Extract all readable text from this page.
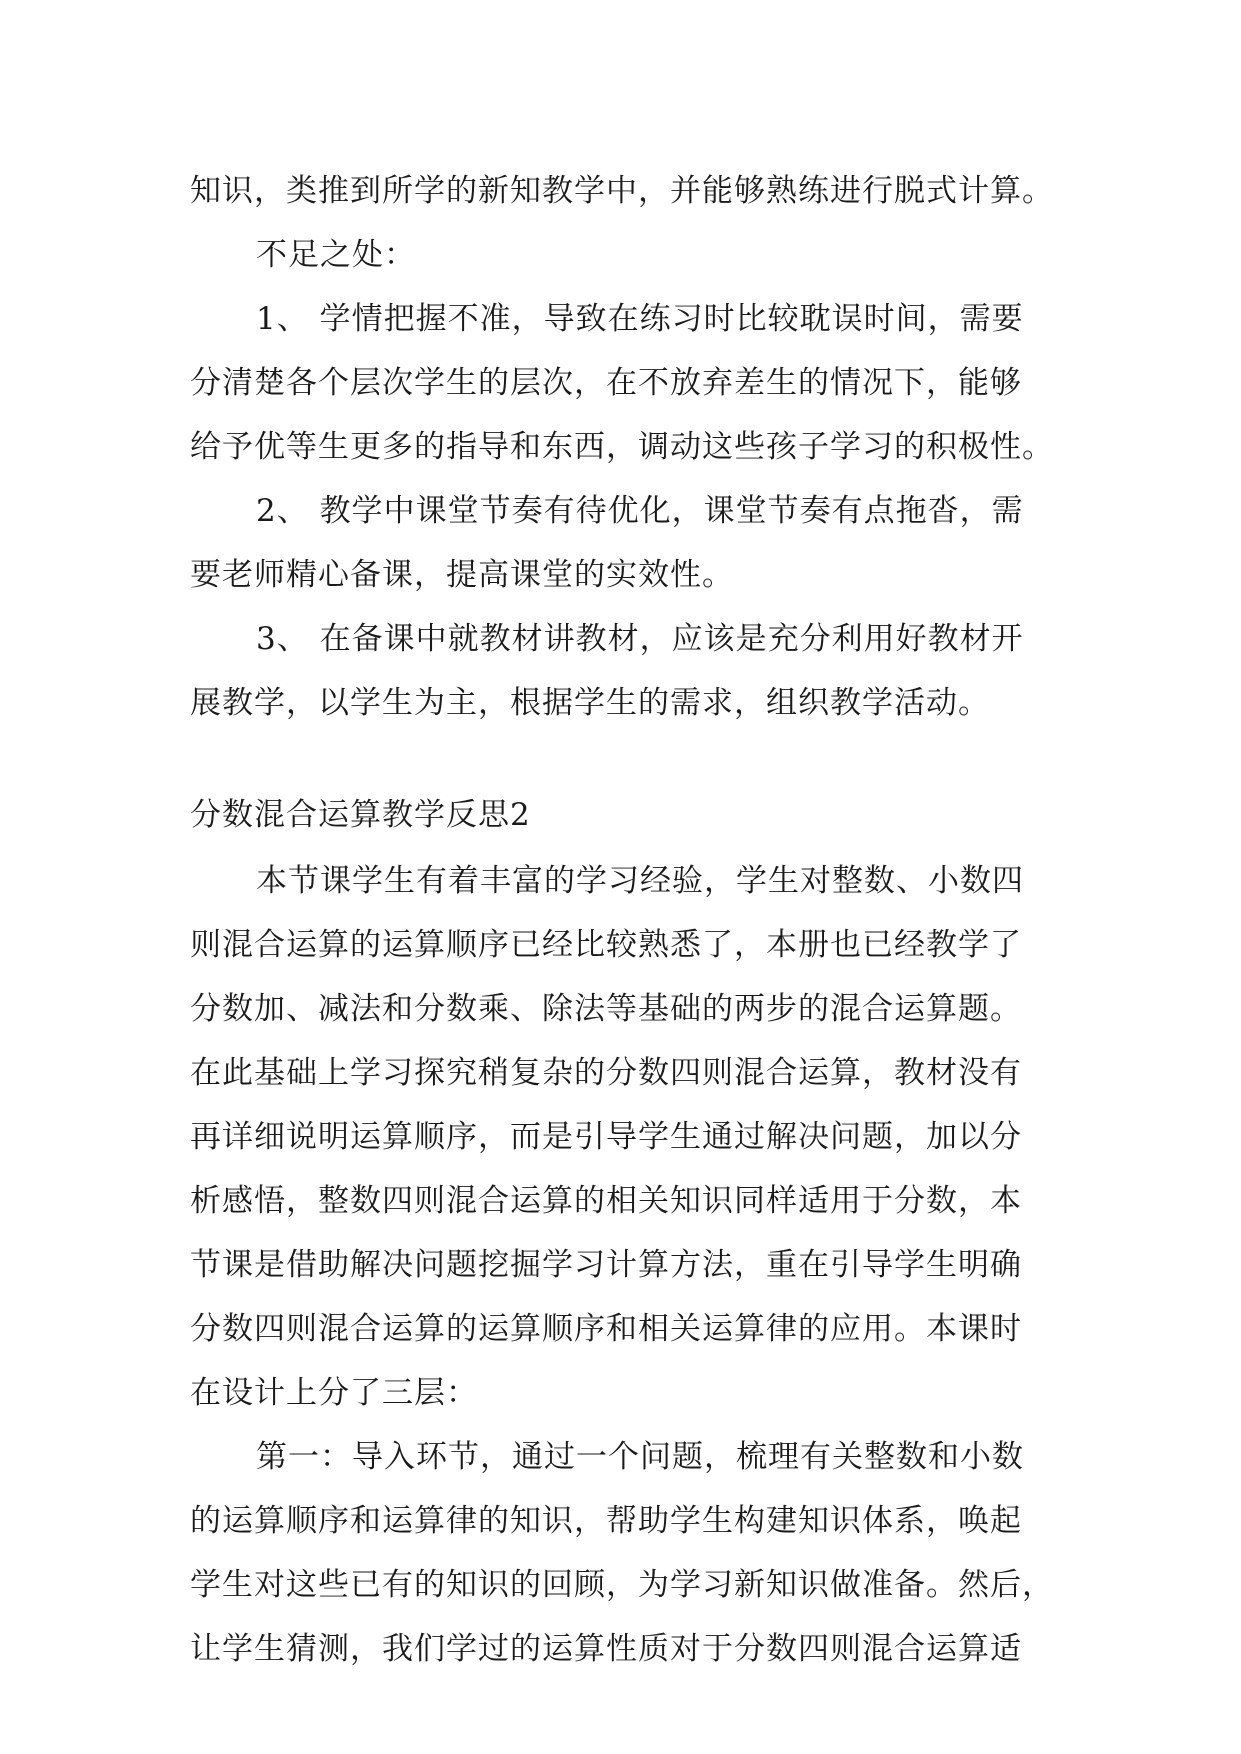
知识，类推到所学的新知教学中，并能够熟练进行脱式计算。
不足之处：
1、 学情把握不准，导致在练习时比较耽误时间，需要
分清楚各个层次学生的层次，在不放弃差生的情况下，能够
给予优等生更多的指导和东西，调动这些孩子学习的积极性。
2、 教学中课堂节奏有待优化，课堂节奏有点拖沓，需
要老师精心备课，提高课堂的实效性。
3、 在备课中就教材讲教材，应该是充分利用好教材开
展教学，以学生为主，根据学生的需求，组织教学活动。
分数混合运算教学反思2
本节课学生有着丰富的学习经验，学生对整数、小数四
则混合运算的运算顺序已经比较熟悉了，本册也已经教学了
分数加、减法和分数乘、除法等基础的两步的混合运算题。
在此基础上学习探究稍复杂的分数四则混合运算，教材没有
再详细说明运算顺序，而是引导学生通过解决问题，加以分
析感悟，整数四则混合运算的相关知识同样适用于分数，本
节课是借助解决问题挖掘学习计算方法，重在引导学生明确
分数四则混合运算的运算顺序和相关运算律的应用。本课时
在设计上分了三层：
第一：导入环节，通过一个问题，梳理有关整数和小数
的运算顺序和运算律的知识，帮助学生构建知识体系，唤起
学生对这些已有的知识的回顾，为学习新知识做准备。然后，
让学生猜测，我们学过的运算性质对于分数四则混合运算适
